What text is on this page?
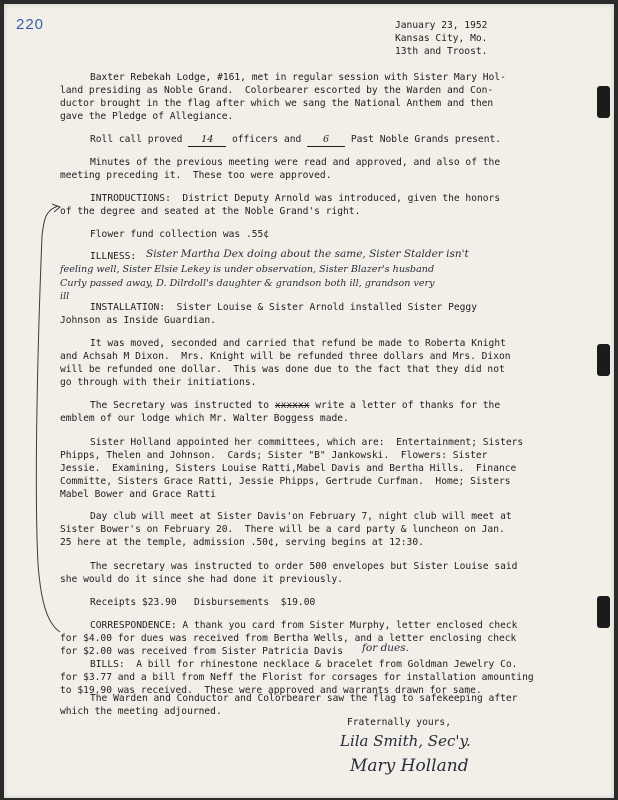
220	January 23, 1952
Kansas City, Mo.
13th and Troost.
Baxter Rebekah Lodge, #161, met in regular session with Sister Mary Hol-
land presiding as Noble Grand.  Colorbearer escorted by the Warden and Con-
ductor brought in the flag after which we sang the National Anthem and then
gave the Pledge of Allegiance.
Roll call proved 14 officers and 6 Past Noble Grands present.
Minutes of the previous meeting were read and approved, and also of the
meeting preceding it.  These too were approved.
INTRODUCTIONS:  District Deputy Arnold was introduced, given the honors
of the degree and seated at the Noble Grand's right.
Flower fund collection was .55¢
ILLNESS: Sister Martha Dex doing about the same, Sister Stalder isn't
feeling well, Sister Elsie Lekey is under observation, Sister Blazer's husband
Curly passed away, D. Dilrdoll's daughter & grandson both ill, grandson very
ill
INSTALLATION:  Sister Louise & Sister Arnold installed Sister Peggy
Johnson as Inside Guardian.
It was moved, seconded and carried that refund be made to Roberta Knight
and Achsah M Dixon.  Mrs. Knight will be refunded three dollars and Mrs. Dixon
will be refunded one dollar.  This was done due to the fact that they did not
go through with their initiations.
The Secretary was instructed to xxxxxx write a letter of thanks for the
emblem of our lodge which Mr. Walter Boggess made.
Sister Holland appointed her committees, which are:  Entertainment; Sisters
Phipps, Thelen and Johnson.  Cards; Sister "B" Jankowski.  Flowers: Sister
Jessie.  Examining, Sisters Louise Ratti,Mabel Davis and Bertha Hills.  Finance
Committe, Sisters Grace Ratti, Jessie Phipps, Gertrude Curfman.  Home; Sisters
Mabel Bower and Grace Ratti
Day club will meet at Sister Davis'on February 7, night club will meet at
Sister Bower's on February 20.  There will be a card party & luncheon on Jan.
25 here at the temple, admission .50¢, serving begins at 12:30.
The secretary was instructed to order 500 envelopes but Sister Louise said
she would do it since she had done it previously.
Receipts $23.90   Disbursements  $19.00
CORRESPONDENCE: A thank you card from Sister Murphy, letter enclosed check
for $4.00 for dues was received from Bertha Wells, and a letter enclosing check
for $2.00 was received from Sister Patricia Davis for dues.
BILLS:  A bill for rhinestone necklace & bracelet from Goldman Jewelry Co.
for $3.77 and a bill from Neff the Florist for corsages for installation amounting
to $19.90 was received.  These were approved and warrants drawn for same.
The Warden and Conductor and Colorbearer saw the flag to safekeeping after
which the meeting adjourned.
Fraternally yours,
Lila Smith, Sec'y.
Mary Holland
